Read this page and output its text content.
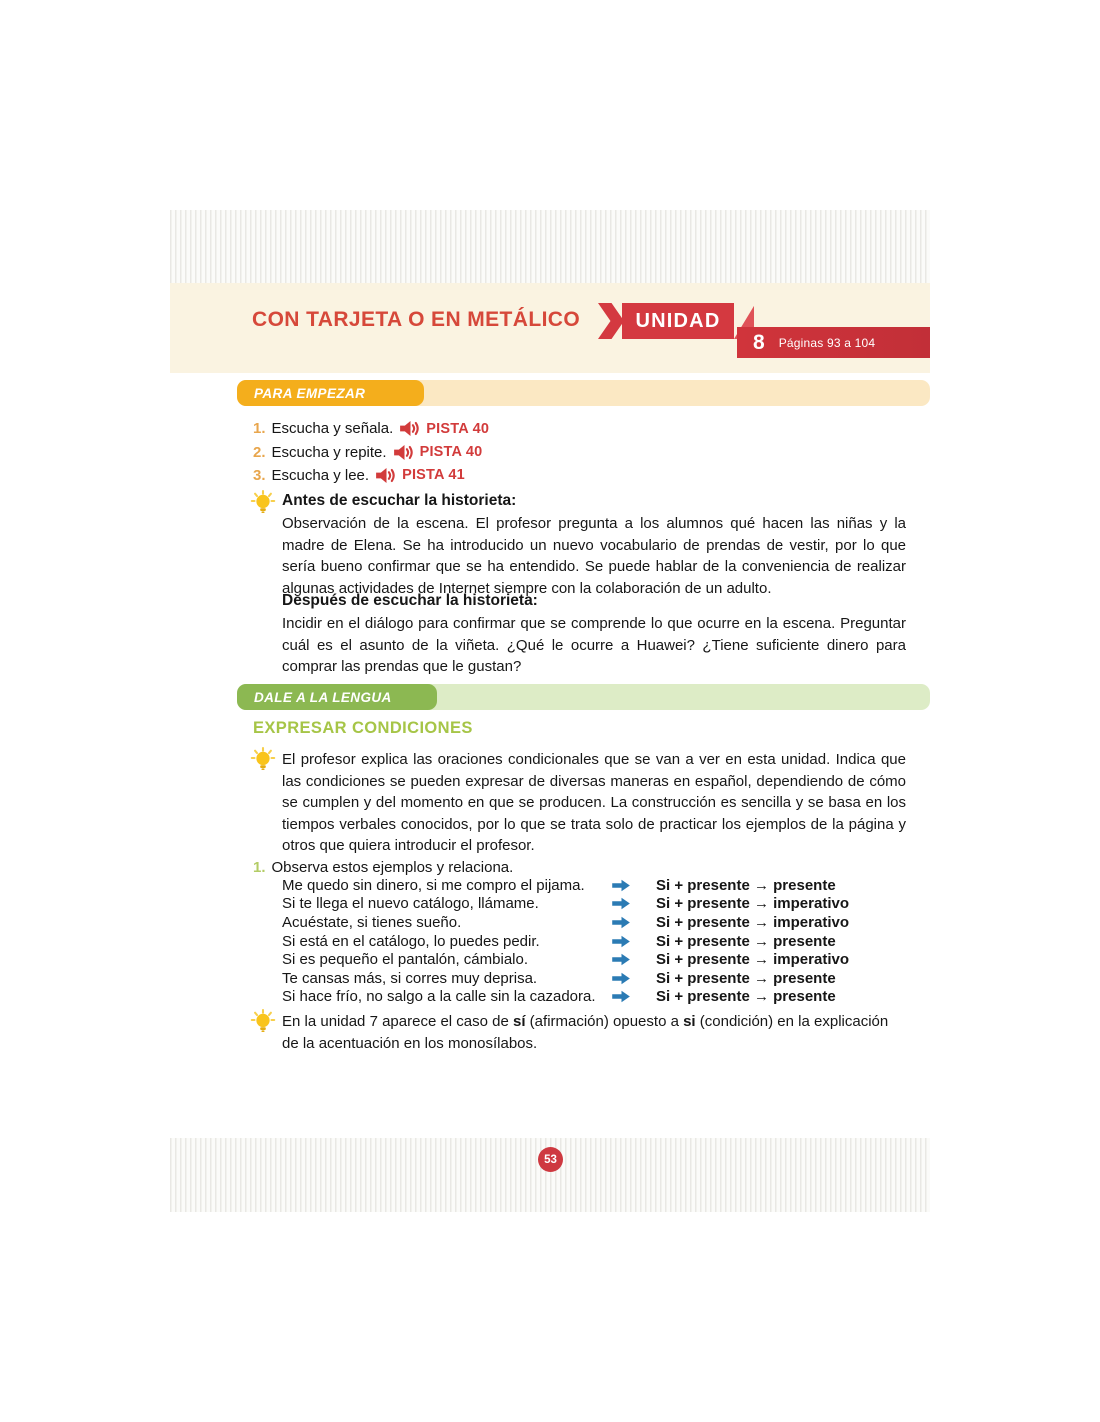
CON TARJETA O EN METÁLICO	UNIDAD
8 Páginas 93 a 104
PARA EMPEZAR
1. Escucha y señala. PISTA 40
2. Escucha y repite. PISTA 40
3. Escucha y lee. PISTA 41
Antes de escuchar la historieta:
Observación de la escena. El profesor pregunta a los alumnos qué hacen las niñas y la madre de Elena. Se ha introducido un nuevo vocabulario de prendas de vestir, por lo que sería bueno confirmar que se ha entendido. Se puede hablar de la conveniencia de realizar algunas actividades de Internet siempre con la colaboración de un adulto.
Después de escuchar la historieta:
Incidir en el diálogo para confirmar que se comprende lo que ocurre en la escena. Preguntar cuál es el asunto de la viñeta. ¿Qué le ocurre a Huawei? ¿Tiene suficiente dinero para comprar las prendas que le gustan?
DALE A LA LENGUA
EXPRESAR CONDICIONES
El profesor explica las oraciones condicionales que se van a ver en esta unidad. Indica que las condiciones se pueden expresar de diversas maneras en español, dependiendo de cómo se cumplen y del momento en que se producen. La construcción es sencilla y se basa en los tiempos verbales conocidos, por lo que se trata solo de practicar los ejemplos de la página y otros que quiera introducir el profesor.
1. Observa estos ejemplos y relaciona.
Me quedo sin dinero, si me compro el pijama.	Si + presente → presente
Si te llega el nuevo catálogo, llámame.	Si + presente → imperativo
Acuéstate, si tienes sueño.	Si + presente → imperativo
Si está en el catálogo, lo puedes pedir.	Si + presente → presente
Si es pequeño el pantalón, cámbialo.	Si + presente → imperativo
Te cansas más, si corres muy deprisa.	Si + presente → presente
Si hace frío, no salgo a la calle sin la cazadora.	Si + presente → presente
En la unidad 7 aparece el caso de sí (afirmación) opuesto a si (condición) en la explicación de la acentuación en los monosílabos.
53
